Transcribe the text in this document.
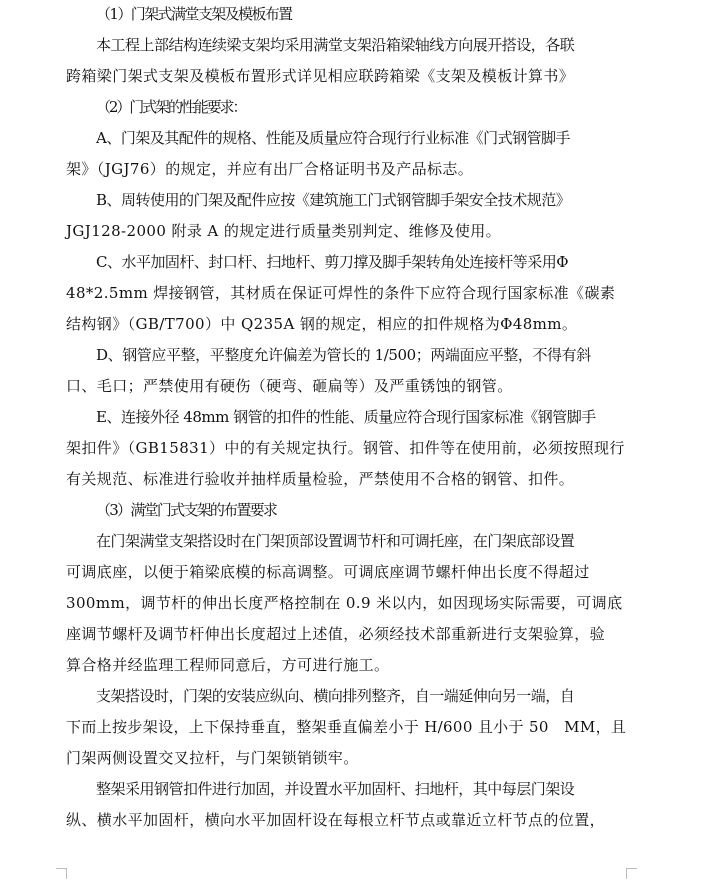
（1）门架式满堂支架及模板布置
本工程上部结构连续梁支架均采用满堂支架沿箱梁轴线方向展开搭设，各联
跨箱梁门架式支架及模板布置形式详见相应联跨箱梁《支架及模板计算书》
（2）门式架的性能要求：
A、门架及其配件的规格、性能及质量应符合现行行业标准《门式钢管脚手
架》（JGJ76）的规定，并应有出厂合格证明书及产品标志。
B、周转使用的门架及配件应按《建筑施工门式钢管脚手架安全技术规范》
JGJ128-2000 附录 A 的规定进行质量类别判定、维修及使用。
C、水平加固杆、封口杆、扫地杆、剪刀撑及脚手架转角处连接杆等采用Φ
48*2.5mm 焊接钢管，其材质在保证可焊性的条件下应符合现行国家标准《碳素
结构钢》（GB/T700）中 Q235A 钢的规定，相应的扣件规格为Φ48mm。
D、钢管应平整，平整度允许偏差为管长的 1/500；两端面应平整，不得有斜
口、毛口；严禁使用有硬伤（硬弯、砸扁等）及严重锈蚀的钢管。
E、连接外径 48mm 钢管的扣件的性能、质量应符合现行国家标准《钢管脚手
架扣件》（GB15831）中的有关规定执行。钢管、扣件等在使用前，必须按照现行
有关规范、标准进行验收并抽样质量检验，严禁使用不合格的钢管、扣件。
（3）满堂门式支架的布置要求
在门架满堂支架搭设时在门架顶部设置调节杆和可调托座，在门架底部设置
可调底座，以便于箱梁底模的标高调整。可调底座调节螺杆伸出长度不得超过
300mm，调节杆的伸出长度严格控制在 0.9 米以内，如因现场实际需要，可调底
座调节螺杆及调节杆伸出长度超过上述值，必须经技术部重新进行支架验算，验
算合格并经监理工程师同意后，方可进行施工。
支架搭设时，门架的安装应纵向、横向排列整齐，自一端延伸向另一端，自
下而上按步架设，上下保持垂直，整架垂直偏差小于 H/600 且小于 50　MM，且
门架两侧设置交叉拉杆，与门架锁销锁牢。
整架采用钢管扣件进行加固，并设置水平加固杆、扫地杆，其中每层门架设
纵、横水平加固杆，横向水平加固杆设在每根立杆节点或靠近立杆节点的位置，
